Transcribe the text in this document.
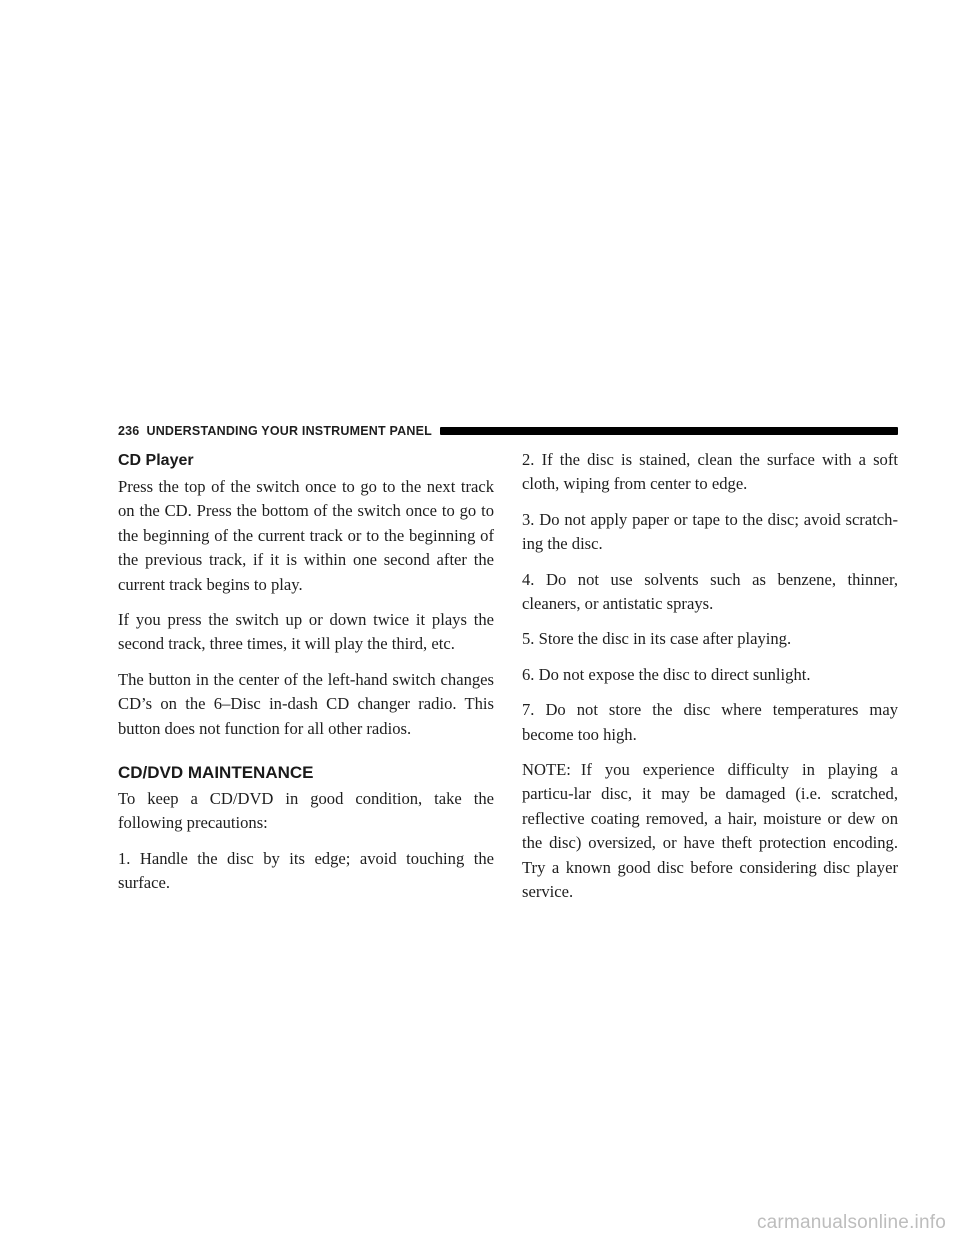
236 UNDERSTANDING YOUR INSTRUMENT PANEL
CD Player

Press the top of the switch once to go to the next track on the CD. Press the bottom of the switch once to go to the beginning of the current track or to the beginning of the previous track, if it is within one second after the current track begins to play.

If you press the switch up or down twice it plays the second track, three times, it will play the third, etc.

The button in the center of the left-hand switch changes CD’s on the 6–Disc in-dash CD changer radio. This button does not function for all other radios.

CD/DVD MAINTENANCE

To keep a CD/DVD in good condition, take the following precautions:

1. Handle the disc by its edge; avoid touching the surface.

2. If the disc is stained, clean the surface with a soft cloth, wiping from center to edge.

3. Do not apply paper or tape to the disc; avoid scratch-ing the disc.

4. Do not use solvents such as benzene, thinner, cleaners, or antistatic sprays.

5. Store the disc in its case after playing.

6. Do not expose the disc to direct sunlight.

7. Do not store the disc where temperatures may become too high.

NOTE: If you experience difficulty in playing a particu-lar disc, it may be damaged (i.e. scratched, reflective coating removed, a hair, moisture or dew on the disc) oversized, or have theft protection encoding. Try a known good disc before considering disc player service.

carmanualsonline.info
